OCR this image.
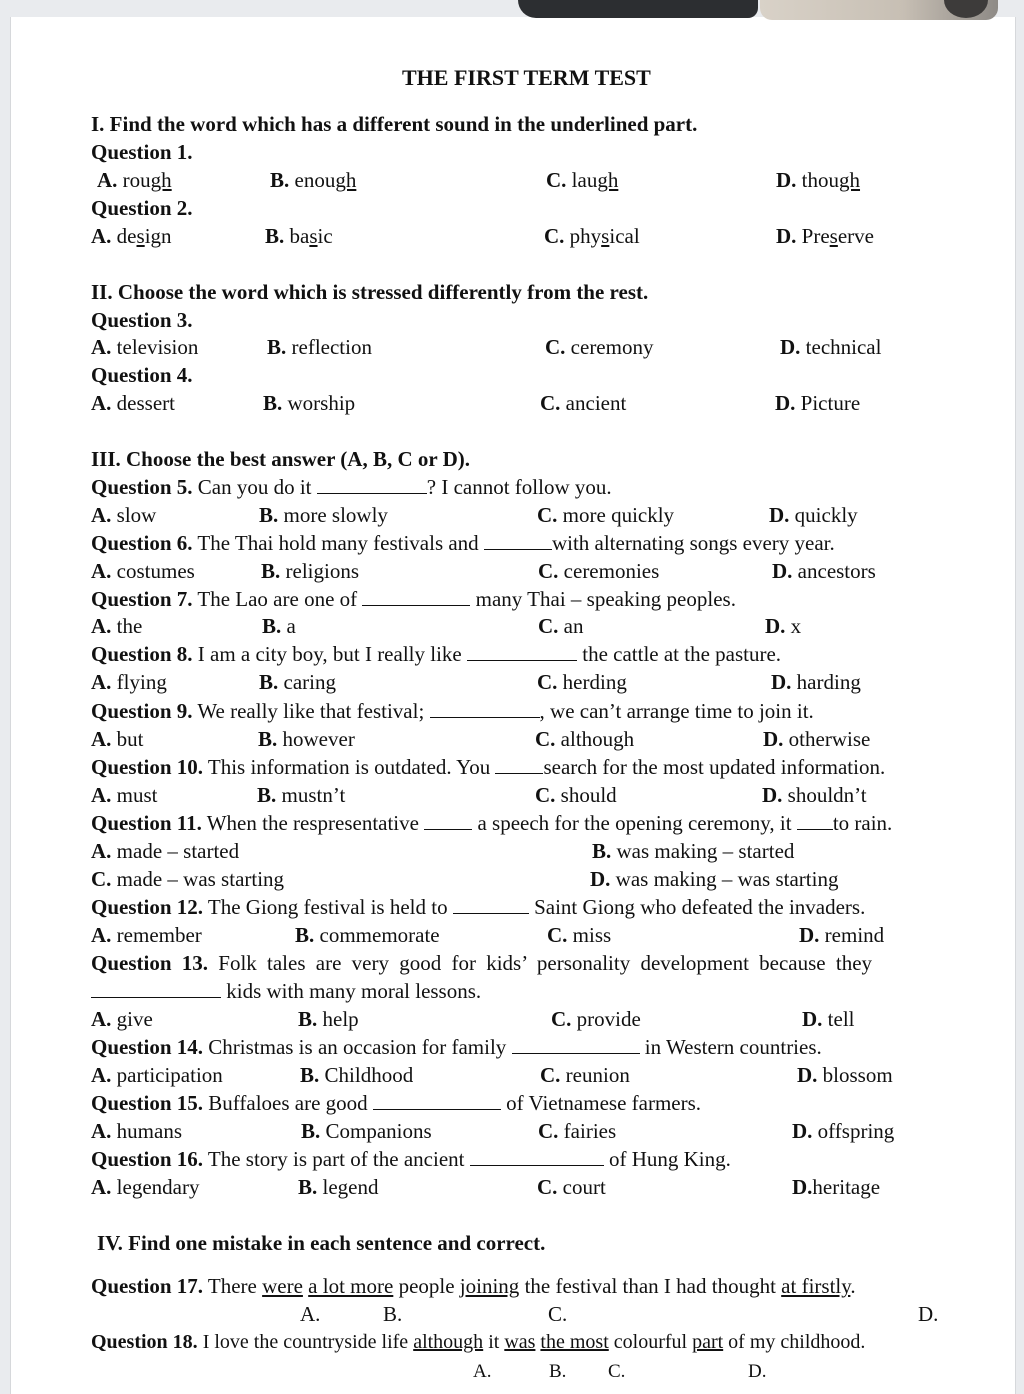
THE FIRST TERM TEST
I. Find the word which has a different sound in the underlined part.
Question 1.
A. rough	B. enough	C. laugh	D. though
Question 2.
A. design	B. basic	C. physical	D. Preserve
II. Choose the word which is stressed differently from the rest.
Question 3.
A. television	B. reflection	C. ceremony	D. technical
Question 4.
A. dessert	B. worship	C. ancient	D. Picture
III. Choose the best answer (A, B, C or D).
Question 5. Can you do it	? I cannot follow you.
A. slow	B. more slowly	C. more quickly	D. quickly
Question 6. The Thai hold many festivals and	with alternating songs every year.
A. costumes	B. religions	C. ceremonies	D. ancestors
Question 7. The Lao are one of	many Thai – speaking peoples.
A. the	B. a	C. an	D. x
Question 8. I am a city boy, but I really like	the cattle at the pasture.
A. flying	B. caring	C. herding	D. harding
Question 9. We really like that festival;	, we can’t arrange time to join it.
A. but	B. however	C. although	D. otherwise
Question 10. This information is outdated. You search for the most updated information.
A. must	B. mustn’t	C. should	D. shouldn’t
Question 11. When the respresentative  a speech for the opening ceremony, it to rain.
A. made – started	B. was making – started
C. made – was starting	D. was making – was starting
Question 12. The Giong festival is held to	Saint Giong who defeated the invaders.
A. remember	B. commemorate	C. miss	D. remind
Question 13. Folk tales are very good for kids’ personality development because they
kids with many moral lessons.
A. give	B. help	C. provide	D. tell
Question 14. Christmas is an occasion for family	in Western countries.
A. participation	B. Childhood	C. reunion	D. blossom
Question 15. Buffaloes are good	of Vietnamese farmers.
A. humans	B. Companions	C. fairies	D. offspring
Question 16. The story is part of the ancient	of Hung King.
A. legendary	B. legend	C. court	D.heritage
IV. Find one mistake in each sentence and correct.
Question 17. There were a lot more people joining the festival than I had thought at firstly.
A.	B.	C.	D.
Question 18. I love the countryside life although it was the most colourful part of my childhood.
A.	B. C.	D.
